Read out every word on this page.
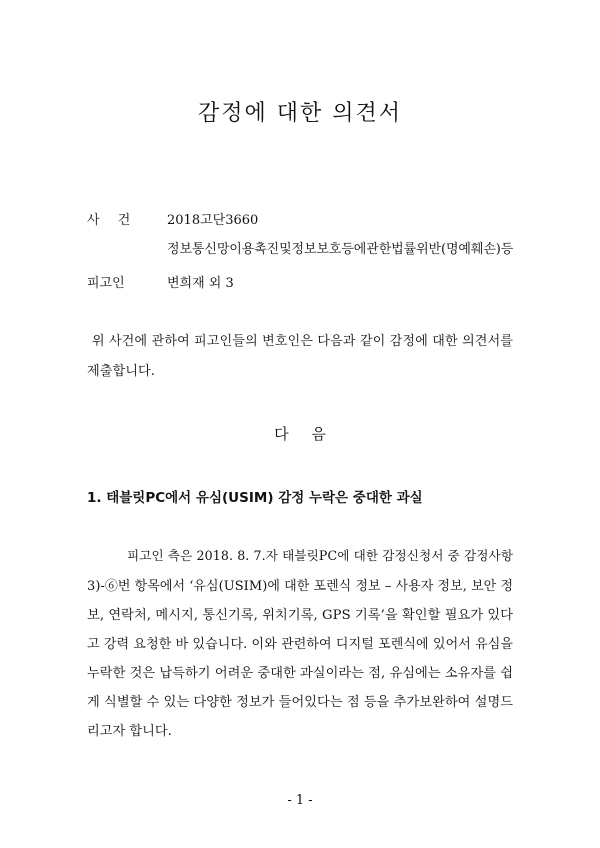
감정에 대한 의견서
사 건	2018고단3660
정보통신망이용촉진및정보보호등에관한법률위반(명예훼손)등
피고인	변희재 외 3
위 사건에 관하여 피고인들의 변호인은 다음과 같이 감정에 대한 의견서를
제출합니다.
다 음
1. 태블릿PC에서 유심(USIM) 감정 누락은 중대한 과실
피고인 측은 2018. 8. 7.자 태블릿PC에 대한 감정신청서 중 감정사항
3)-⑥번 항목에서 ‘유심(USIM)에 대한 포렌식 정보 – 사용자 정보, 보안 정
보, 연락처, 메시지, 통신기록, 위치기록, GPS 기록’을 확인할 필요가 있다
고 강력 요청한 바 있습니다. 이와 관련하여 디지털 포렌식에 있어서 유심을
누락한 것은 납득하기 어려운 중대한 과실이라는 점, 유심에는 소유자를 쉽
게 식별할 수 있는 다양한 정보가 들어있다는 점 등을 추가보완하여 설명드
리고자 합니다.
- 1 -
